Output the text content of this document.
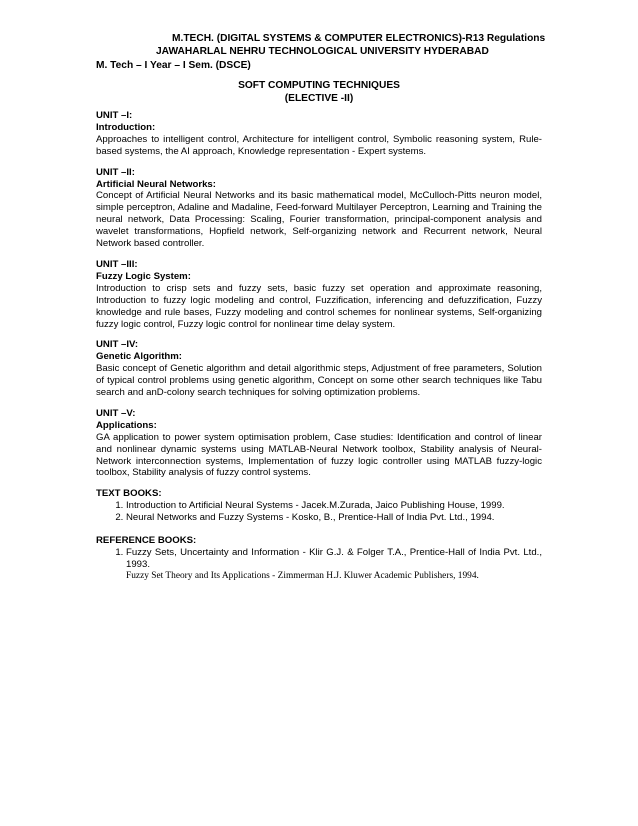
M.TECH. (DIGITAL SYSTEMS & COMPUTER ELECTRONICS)-R13 Regulations
JAWAHARLAL NEHRU TECHNOLOGICAL UNIVERSITY HYDERABAD
M. Tech – I Year – I Sem. (DSCE)
SOFT COMPUTING TECHNIQUES
(ELECTIVE -II)
UNIT –I:
Introduction:
Approaches to intelligent control, Architecture for intelligent control, Symbolic reasoning system, Rule-based systems, the AI approach, Knowledge representation - Expert systems.
UNIT –II:
Artificial Neural Networks:
Concept of Artificial Neural Networks and its basic mathematical model, McCulloch-Pitts neuron model, simple perceptron, Adaline and Madaline, Feed-forward Multilayer Perceptron, Learning and Training the neural network, Data Processing: Scaling, Fourier transformation, principal-component analysis and wavelet transformations, Hopfield network, Self-organizing network and Recurrent network, Neural Network based controller.
UNIT –III:
Fuzzy Logic System:
Introduction to crisp sets and fuzzy sets, basic fuzzy set operation and approximate reasoning, Introduction to fuzzy logic modeling and control, Fuzzification, inferencing and defuzzification, Fuzzy knowledge and rule bases, Fuzzy modeling and control schemes for nonlinear systems, Self-organizing fuzzy logic control, Fuzzy logic control for nonlinear time delay system.
UNIT –IV:
Genetic Algorithm:
Basic concept of Genetic algorithm and detail algorithmic steps, Adjustment of free parameters, Solution of typical control problems using genetic algorithm, Concept on some other search techniques like Tabu search and anD-colony search techniques for solving optimization problems.
UNIT –V:
Applications:
GA application to power system optimisation problem, Case studies: Identification and control of linear and nonlinear dynamic systems using MATLAB-Neural Network toolbox, Stability analysis of Neural-Network interconnection systems, Implementation of fuzzy logic controller using MATLAB fuzzy-logic toolbox, Stability analysis of fuzzy control systems.
TEXT BOOKS:
1. Introduction to Artificial Neural Systems - Jacek.M.Zurada, Jaico Publishing House, 1999.
2. Neural Networks and Fuzzy Systems - Kosko, B., Prentice-Hall of India Pvt. Ltd., 1994.
REFERENCE BOOKS:
1. Fuzzy Sets, Uncertainty and Information - Klir G.J. & Folger T.A., Prentice-Hall of India Pvt. Ltd., 1993.
Fuzzy Set Theory and Its Applications - Zimmerman H.J. Kluwer Academic Publishers, 1994.
